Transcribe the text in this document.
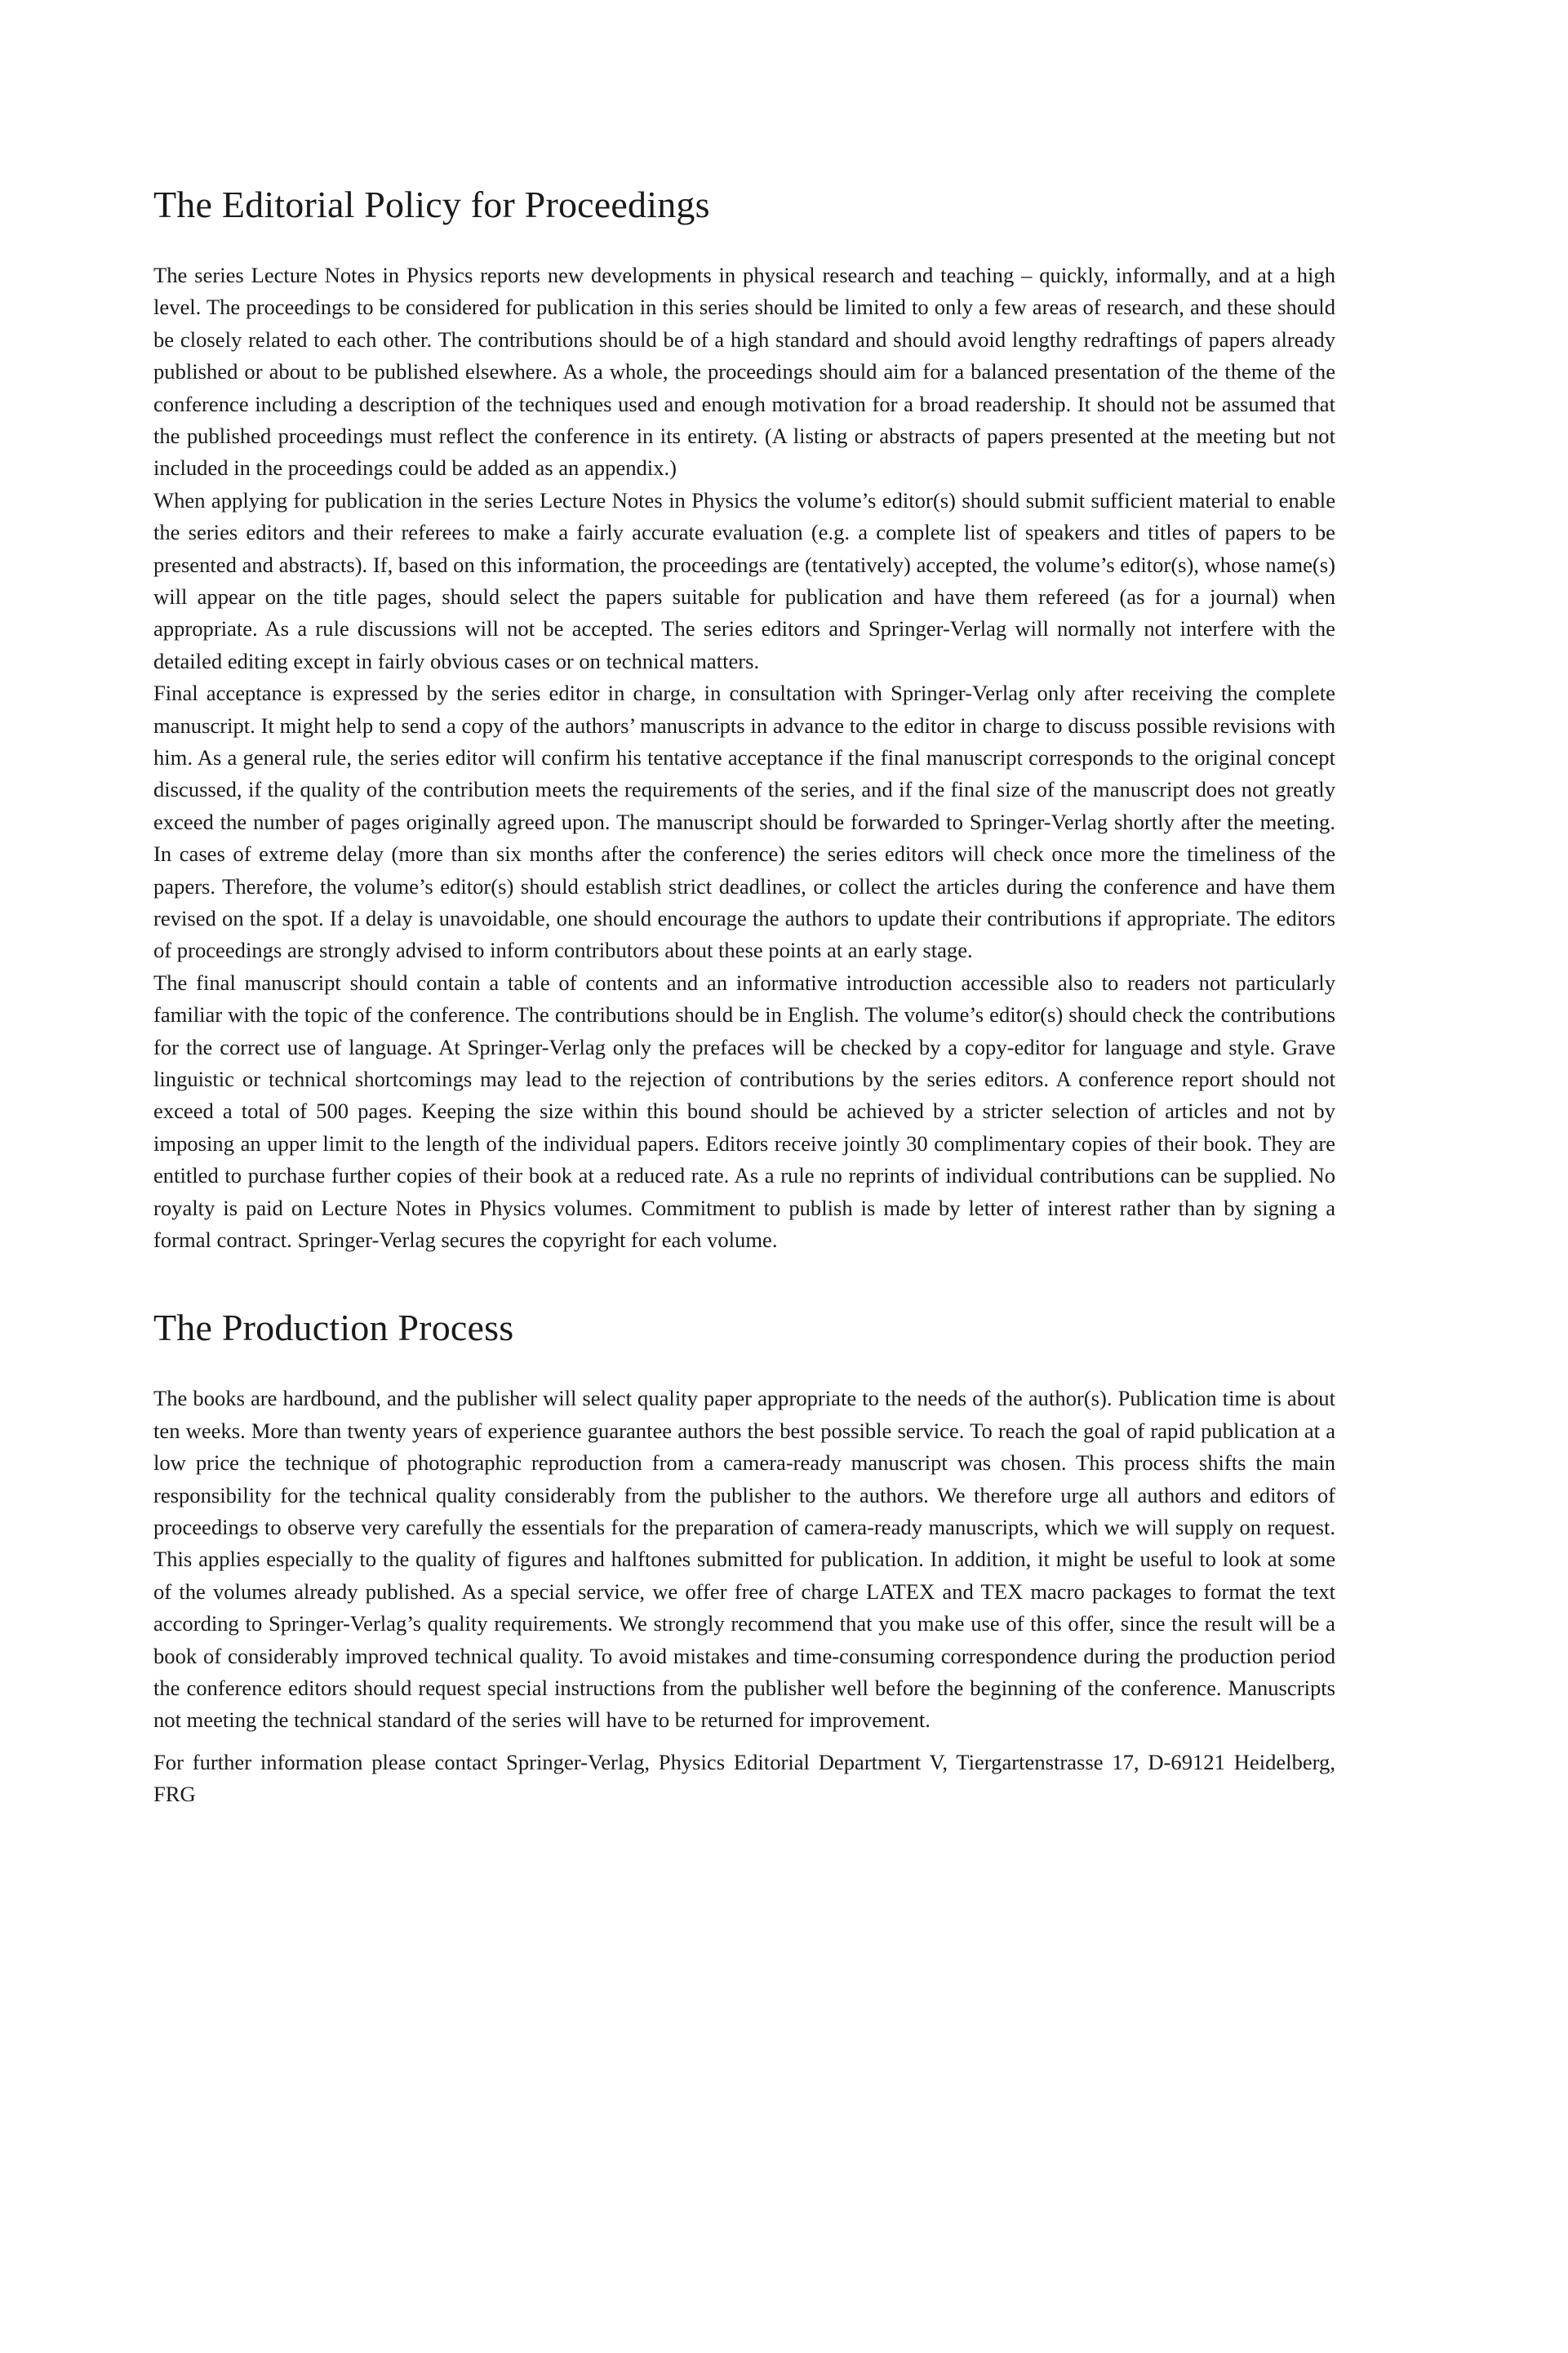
The Editorial Policy for Proceedings

The series Lecture Notes in Physics reports new developments in physical research and teaching – quickly, informally, and at a high level. The proceedings to be considered for publication in this series should be limited to only a few areas of research, and these should be closely related to each other. The contributions should be of a high standard and should avoid lengthy redraftings of papers already published or about to be published elsewhere. As a whole, the proceedings should aim for a balanced presentation of the theme of the conference including a description of the techniques used and enough motivation for a broad readership. It should not be assumed that the published proceedings must reflect the conference in its entirety. (A listing or abstracts of papers presented at the meeting but not included in the proceedings could be added as an appendix.)

When applying for publication in the series Lecture Notes in Physics the volume’s editor(s) should submit sufficient material to enable the series editors and their referees to make a fairly accurate evaluation (e.g. a complete list of speakers and titles of papers to be presented and abstracts). If, based on this information, the proceedings are (tentatively) accepted, the volume’s editor(s), whose name(s) will appear on the title pages, should select the papers suitable for publication and have them refereed (as for a journal) when appropriate. As a rule discussions will not be accepted. The series editors and Springer-Verlag will normally not interfere with the detailed editing except in fairly obvious cases or on technical matters.

Final acceptance is expressed by the series editor in charge, in consultation with Springer-Verlag only after receiving the complete manuscript. It might help to send a copy of the authors’ manuscripts in advance to the editor in charge to discuss possible revisions with him. As a general rule, the series editor will confirm his tentative acceptance if the final manuscript corresponds to the original concept discussed, if the quality of the contribution meets the requirements of the series, and if the final size of the manuscript does not greatly exceed the number of pages originally agreed upon. The manuscript should be forwarded to Springer-Verlag shortly after the meeting. In cases of extreme delay (more than six months after the conference) the series editors will check once more the timeliness of the papers. Therefore, the volume’s editor(s) should establish strict deadlines, or collect the articles during the conference and have them revised on the spot. If a delay is unavoidable, one should encourage the authors to update their contributions if appropriate. The editors of proceedings are strongly advised to inform contributors about these points at an early stage.

The final manuscript should contain a table of contents and an informative introduction accessible also to readers not particularly familiar with the topic of the conference. The contributions should be in English. The volume’s editor(s) should check the contributions for the correct use of language. At Springer-Verlag only the prefaces will be checked by a copy-editor for language and style. Grave linguistic or technical shortcomings may lead to the rejection of contributions by the series editors. A conference report should not exceed a total of 500 pages. Keeping the size within this bound should be achieved by a stricter selection of articles and not by imposing an upper limit to the length of the individual papers. Editors receive jointly 30 complimentary copies of their book. They are entitled to purchase further copies of their book at a reduced rate. As a rule no reprints of individual contributions can be supplied. No royalty is paid on Lecture Notes in Physics volumes. Commitment to publish is made by letter of interest rather than by signing a formal contract. Springer-Verlag secures the copyright for each volume.

The Production Process

The books are hardbound, and the publisher will select quality paper appropriate to the needs of the author(s). Publication time is about ten weeks. More than twenty years of experience guarantee authors the best possible service. To reach the goal of rapid publication at a low price the technique of photographic reproduction from a camera-ready manuscript was chosen. This process shifts the main responsibility for the technical quality considerably from the publisher to the authors. We therefore urge all authors and editors of proceedings to observe very carefully the essentials for the preparation of camera-ready manuscripts, which we will supply on request. This applies especially to the quality of figures and halftones submitted for publication. In addition, it might be useful to look at some of the volumes already published. As a special service, we offer free of charge LATEX and TEX macro packages to format the text according to Springer-Verlag’s quality requirements. We strongly recommend that you make use of this offer, since the result will be a book of considerably improved technical quality. To avoid mistakes and time-consuming correspondence during the production period the conference editors should request special instructions from the publisher well before the beginning of the conference. Manuscripts not meeting the technical standard of the series will have to be returned for improvement.

For further information please contact Springer-Verlag, Physics Editorial Department V, Tiergartenstrasse 17, D-69121 Heidelberg, FRG
